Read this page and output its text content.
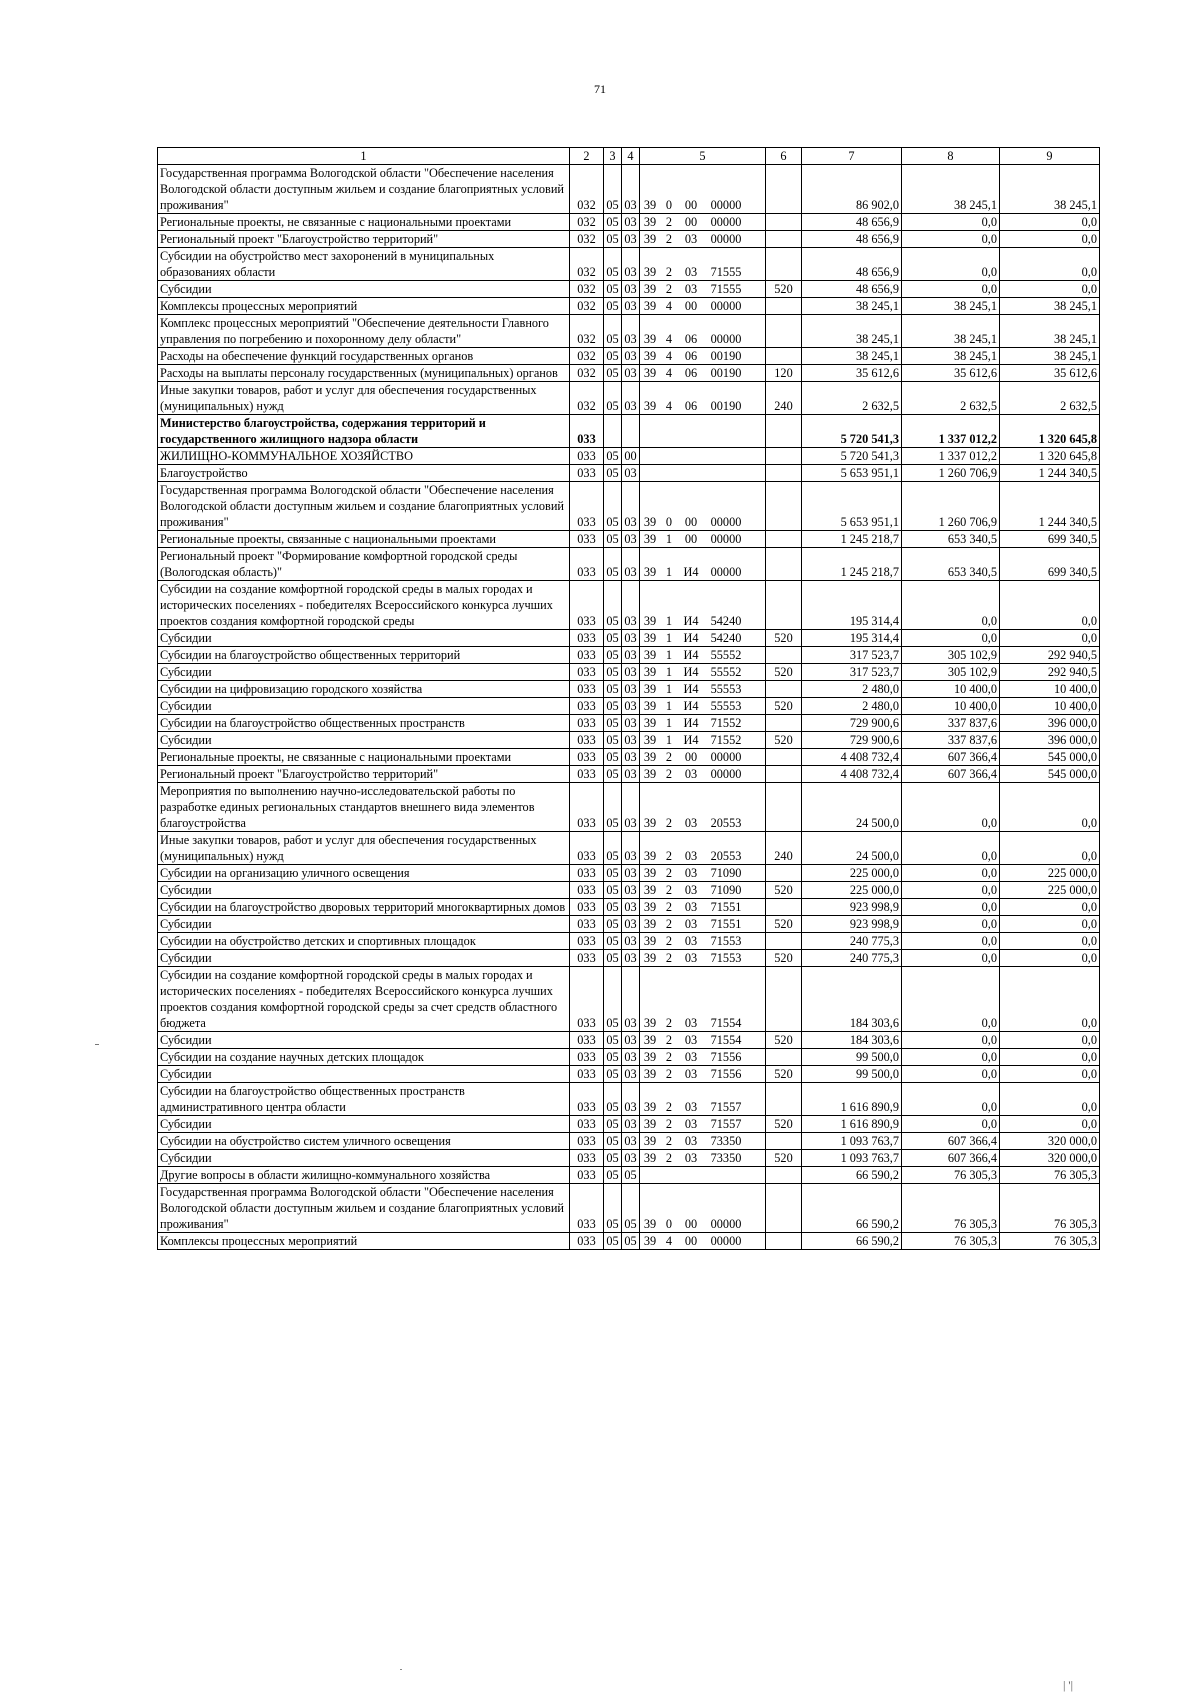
71
1	2	3	4	5	6	7	8	9
Государственная программа Вологодской области "Обеспечение населения Вологодской области доступным жильем и создание благоприятных условий проживания"	032	05	03	39 0 00 00000		86 902,0	38 245,1	38 245,1
Региональные проекты, не связанные с национальными проектами	032	05	03	39 2 00 00000		48 656,9	0,0	0,0
Региональный проект "Благоустройство территорий"	032	05	03	39 2 03 00000		48 656,9	0,0	0,0
Субсидии на обустройство мест захоронений в муниципальных образованиях области	032	05	03	39 2 03 71555		48 656,9	0,0	0,0
Субсидии	032	05	03	39 2 03 71555	520	48 656,9	0,0	0,0
Комплексы процессных мероприятий	032	05	03	39 4 00 00000		38 245,1	38 245,1	38 245,1
Комплекс процессных мероприятий "Обеспечение деятельности Главного управления по погребению и похоронному делу области"	032	05	03	39 4 06 00000		38 245,1	38 245,1	38 245,1
Расходы на обеспечение функций государственных органов	032	05	03	39 4 06 00190		38 245,1	38 245,1	38 245,1
Расходы на выплаты персоналу государственных (муниципальных) органов	032	05	03	39 4 06 00190	120	35 612,6	35 612,6	35 612,6
Иные закупки товаров, работ и услуг для обеспечения государственных (муниципальных) нужд	032	05	03	39 4 06 00190	240	2 632,5	2 632,5	2 632,5
Министерство благоустройства, содержания территорий и государственного жилищного надзора области	033					5 720 541,3	1 337 012,2	1 320 645,8
ЖИЛИЩНО-КОММУНАЛЬНОЕ ХОЗЯЙСТВО	033	05	00			5 720 541,3	1 337 012,2	1 320 645,8
Благоустройство	033	05	03			5 653 951,1	1 260 706,9	1 244 340,5
Государственная программа Вологодской области "Обеспечение населения Вологодской области доступным жильем и создание благоприятных условий проживания"	033	05	03	39 0 00 00000		5 653 951,1	1 260 706,9	1 244 340,5
Региональные проекты, связанные с национальными проектами	033	05	03	39 1 00 00000		1 245 218,7	653 340,5	699 340,5
Региональный проект "Формирование комфортной городской среды (Вологодская область)"	033	05	03	39 1 И4 00000		1 245 218,7	653 340,5	699 340,5
Субсидии на создание комфортной городской среды в малых городах и исторических поселениях - победителях Всероссийского конкурса лучших проектов создания комфортной городской среды	033	05	03	39 1 И4 54240		195 314,4	0,0	0,0
Субсидии	033	05	03	39 1 И4 54240	520	195 314,4	0,0	0,0
Субсидии на благоустройство общественных территорий	033	05	03	39 1 И4 55552		317 523,7	305 102,9	292 940,5
Субсидии	033	05	03	39 1 И4 55552	520	317 523,7	305 102,9	292 940,5
Субсидии на цифровизацию городского хозяйства	033	05	03	39 1 И4 55553		2 480,0	10 400,0	10 400,0
Субсидии	033	05	03	39 1 И4 55553	520	2 480,0	10 400,0	10 400,0
Субсидии на благоустройство общественных пространств	033	05	03	39 1 И4 71552		729 900,6	337 837,6	396 000,0
Субсидии	033	05	03	39 1 И4 71552	520	729 900,6	337 837,6	396 000,0
Региональные проекты, не связанные с национальными проектами	033	05	03	39 2 00 00000		4 408 732,4	607 366,4	545 000,0
Региональный проект "Благоустройство территорий"	033	05	03	39 2 03 00000		4 408 732,4	607 366,4	545 000,0
Мероприятия по выполнению научно-исследовательской работы по разработке единых региональных стандартов внешнего вида элементов благоустройства	033	05	03	39 2 03 20553		24 500,0	0,0	0,0
Иные закупки товаров, работ и услуг для обеспечения государственных (муниципальных) нужд	033	05	03	39 2 03 20553	240	24 500,0	0,0	0,0
Субсидии на организацию уличного освещения	033	05	03	39 2 03 71090		225 000,0	0,0	225 000,0
Субсидии	033	05	03	39 2 03 71090	520	225 000,0	0,0	225 000,0
Субсидии на благоустройство дворовых территорий многоквартирных домов	033	05	03	39 2 03 71551		923 998,9	0,0	0,0
Субсидии	033	05	03	39 2 03 71551	520	923 998,9	0,0	0,0
Субсидии на обустройство детских и спортивных площадок	033	05	03	39 2 03 71553		240 775,3	0,0	0,0
Субсидии	033	05	03	39 2 03 71553	520	240 775,3	0,0	0,0
Субсидии на создание комфортной городской среды в малых городах и исторических поселениях - победителях Всероссийского конкурса лучших проектов создания комфортной городской среды за счет средств областного бюджета	033	05	03	39 2 03 71554		184 303,6	0,0	0,0
Субсидии	033	05	03	39 2 03 71554	520	184 303,6	0,0	0,0
Субсидии на создание научных детских площадок	033	05	03	39 2 03 71556		99 500,0	0,0	0,0
Субсидии	033	05	03	39 2 03 71556	520	99 500,0	0,0	0,0
Субсидии на благоустройство общественных пространств административного центра области	033	05	03	39 2 03 71557		1 616 890,9	0,0	0,0
Субсидии	033	05	03	39 2 03 71557	520	1 616 890,9	0,0	0,0
Субсидии на обустройство систем уличного освещения	033	05	03	39 2 03 73350		1 093 763,7	607 366,4	320 000,0
Субсидии	033	05	03	39 2 03 73350	520	1 093 763,7	607 366,4	320 000,0
Другие вопросы в области жилищно-коммунального хозяйства	033	05	05			66 590,2	76 305,3	76 305,3
Государственная программа Вологодской области "Обеспечение населения Вологодской области доступным жильем и создание благоприятных условий проживания"	033	05	05	39 0 00 00000		66 590,2	76 305,3	76 305,3
Комплексы процессных мероприятий	033	05	05	39 4 00 00000		66 590,2	76 305,3	76 305,3
| '|
